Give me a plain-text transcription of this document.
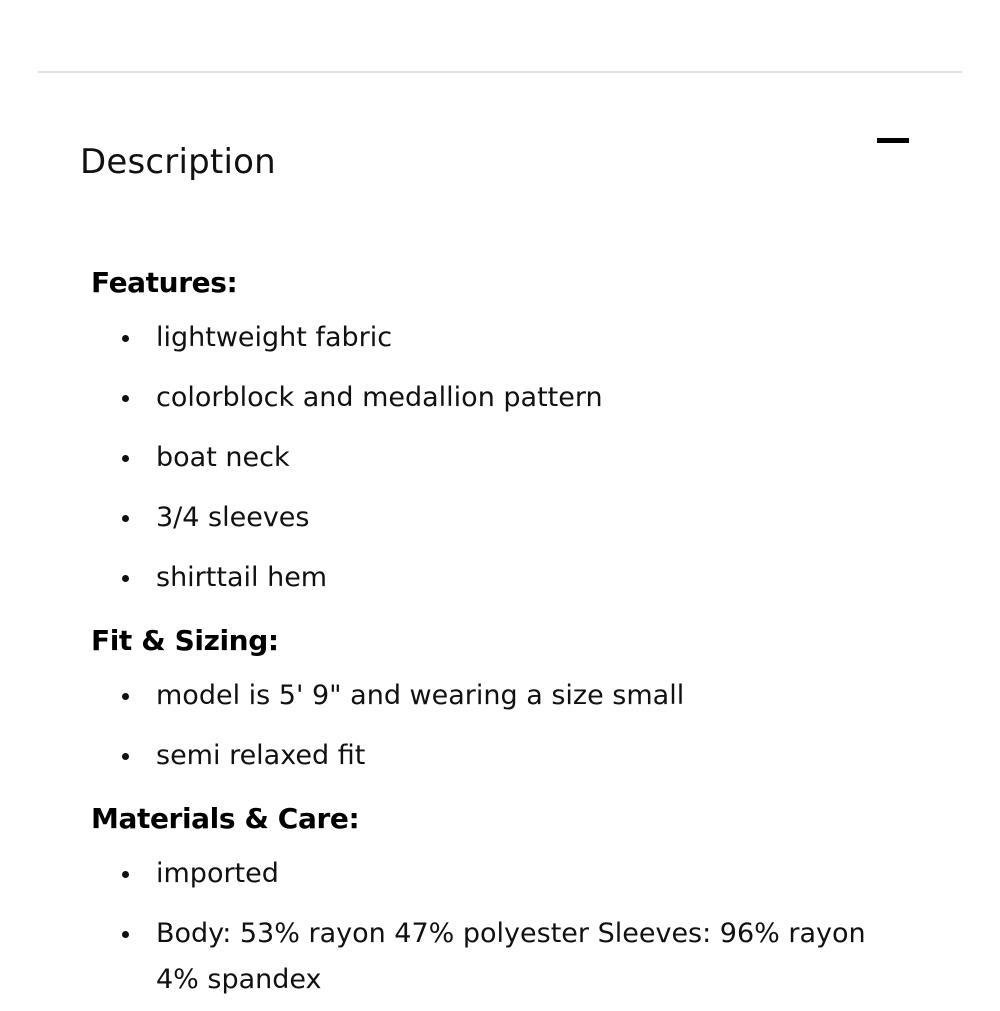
Description
Features:
lightweight fabric
colorblock and medallion pattern
boat neck
3/4 sleeves
shirttail hem
Fit & Sizing:
model is 5' 9" and wearing a size small
semi relaxed fit
Materials & Care:
imported
Body: 53% rayon 47% polyester Sleeves: 96% rayon 4% spandex
